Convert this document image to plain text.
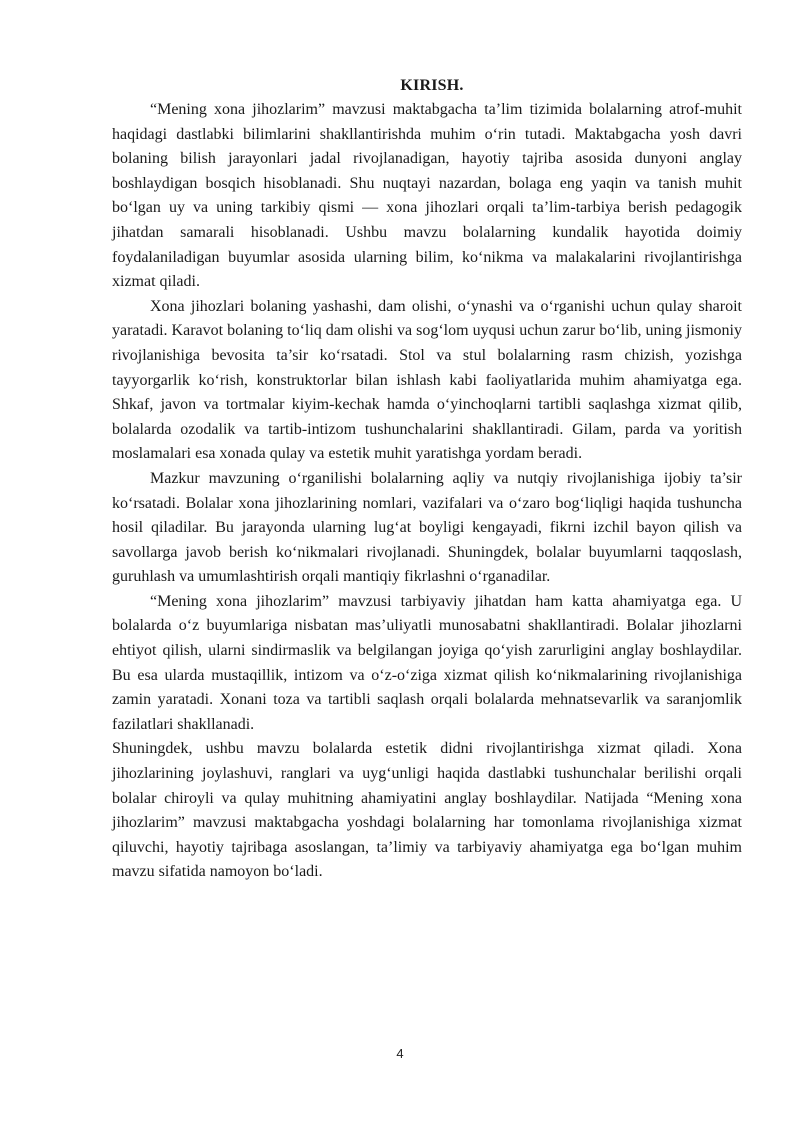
KIRISH.

“Mening xona jihozlarim” mavzusi maktabgacha ta’lim tizimida bolalarning atrof-muhit haqidagi dastlabki bilimlarini shakllantirishda muhim o‘rin tutadi. Maktabgacha yosh davri bolaning bilish jarayonlari jadal rivojlanadigan, hayotiy tajriba asosida dunyoni anglay boshlaydigan bosqich hisoblanadi. Shu nuqtayi nazardan, bolaga eng yaqin va tanish muhit bo‘lgan uy va uning tarkibiy qismi — xona jihozlari orqali ta’lim-tarbiya berish pedagogik jihatdan samarali hisoblanadi. Ushbu mavzu bolalarning kundalik hayotida doimiy foydalaniladigan buyumlar asosida ularning bilim, ko‘nikma va malakalarini rivojlantirishga xizmat qiladi.

Xona jihozlari bolaning yashashi, dam olishi, o‘ynashi va o‘rganishi uchun qulay sharoit yaratadi. Karavot bolaning to‘liq dam olishi va sog‘lom uyqusi uchun zarur bo‘lib, uning jismoniy rivojlanishiga bevosita ta’sir ko‘rsatadi. Stol va stul bolalarning rasm chizish, yozishga tayyorgarlik ko‘rish, konstruktorlar bilan ishlash kabi faoliyatlarida muhim ahamiyatga ega. Shkaf, javon va tortmalar kiyim-kechak hamda o‘yinchoqlarni tartibli saqlashga xizmat qilib, bolalarda ozodalik va tartib-intizom tushunchalarini shakllantiradi. Gilam, parda va yoritish moslamalari esa xonada qulay va estetik muhit yaratishga yordam beradi.

Mazkur mavzuning o‘rganilishi bolalarning aqliy va nutqiy rivojlanishiga ijobiy ta’sir ko‘rsatadi. Bolalar xona jihozlarining nomlari, vazifalari va o‘zaro bog‘liqligi haqida tushuncha hosil qiladilar. Bu jarayonda ularning lug‘at boyligi kengayadi, fikrni izchil bayon qilish va savollarga javob berish ko‘nikmalari rivojlanadi. Shuningdek, bolalar buyumlarni taqqoslash, guruhlash va umumlashtirish orqali mantiqiy fikrlashni o‘rganadilar.

“Mening xona jihozlarim” mavzusi tarbiyaviy jihatdan ham katta ahamiyatga ega. U bolalarda o‘z buyumlariga nisbatan mas’uliyatli munosabatni shakllantiradi. Bolalar jihozlarni ehtiyot qilish, ularni sindirmaslik va belgilangan joyiga qo‘yish zarurligini anglay boshlaydilar. Bu esa ularda mustaqillik, intizom va o‘z-o‘ziga xizmat qilish ko‘nikmalarining rivojlanishiga zamin yaratadi. Xonani toza va tartibli saqlash orqali bolalarda mehnatsevarlik va saranjomlik fazilatlari shakllanadi.

Shuningdek, ushbu mavzu bolalarda estetik didni rivojlantirishga xizmat qiladi. Xona jihozlarining joylashuvi, ranglari va uyg‘unligi haqida dastlabki tushunchalar berilishi orqali bolalar chiroyli va qulay muhitning ahamiyatini anglay boshlaydilar. Natijada “Mening xona jihozlarim” mavzusi maktabgacha yoshdagi bolalarning har tomonlama rivojlanishiga xizmat qiluvchi, hayotiy tajribaga asoslangan, ta’limiy va tarbiyaviy ahamiyatga ega bo‘lgan muhim mavzu sifatida namoyon bo‘ladi.

4
